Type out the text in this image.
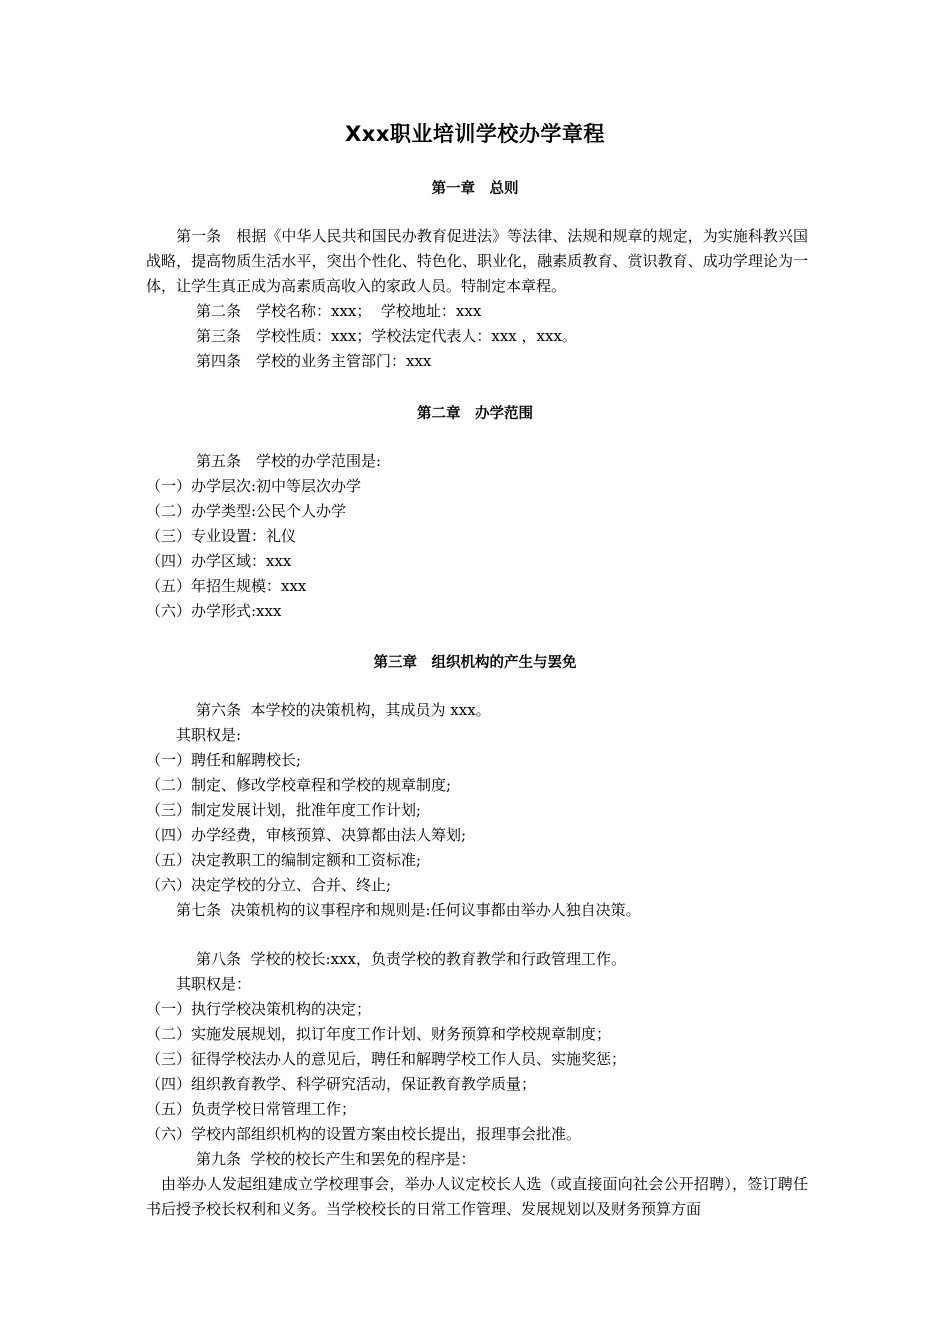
Xxx职业培训学校办学章程
第一章　总则
　　第一条　根据《中华人民共和国民办教育促进法》等法律、法规和规章的规定，为实施科教兴国战略，提高物质生活水平，突出个性化、特色化、职业化，融素质教育、赏识教育、成功学理论为一体，让学生真正成为高素质高收入的家政人员。特制定本章程。
第二条　学校名称：xxx；  学校地址：xxx
第三条　学校性质：xxx；学校法定代表人：xxx ，xxx。
第四条　学校的业务主管部门：xxx
第二章　办学范围
第五条　学校的办学范围是:
（一）办学层次:初中等层次办学
（二）办学类型:公民个人办学
（三）专业设置：礼仪
（四）办学区域：xxx
（五）年招生规模：xxx
（六）办学形式:xxx
第三章　组织机构的产生与罢免
第六条  本学校的决策机构，其成员为 xxx。
其职权是:
（一）聘任和解聘校长;
（二）制定、修改学校章程和学校的规章制度;
（三）制定发展计划，批准年度工作计划;
（四）办学经费，审核预算、决算都由法人筹划;
（五）决定教职工的编制定额和工资标准;
（六）决定学校的分立、合并、终止;
第七条  决策机构的议事程序和规则是:任何议事都由举办人独自决策。
第八条  学校的校长:xxx，负责学校的教育教学和行政管理工作。
其职权是：
（一）执行学校决策机构的决定；
（二）实施发展规划，拟订年度工作计划、财务预算和学校规章制度；
（三）征得学校法办人的意见后，聘任和解聘学校工作人员、实施奖惩；
（四）组织教育教学、科学研究活动，保证教育教学质量；
（五）负责学校日常管理工作；
（六）学校内部组织机构的设置方案由校长提出，报理事会批准。
第九条  学校的校长产生和罢免的程序是：
由举办人发起组建成立学校理事会，举办人议定校长人选（或直接面向社会公开招聘），签订聘任书后授予校长权利和义务。当学校校长的日常工作管理、发展规划以及财务预算方面
